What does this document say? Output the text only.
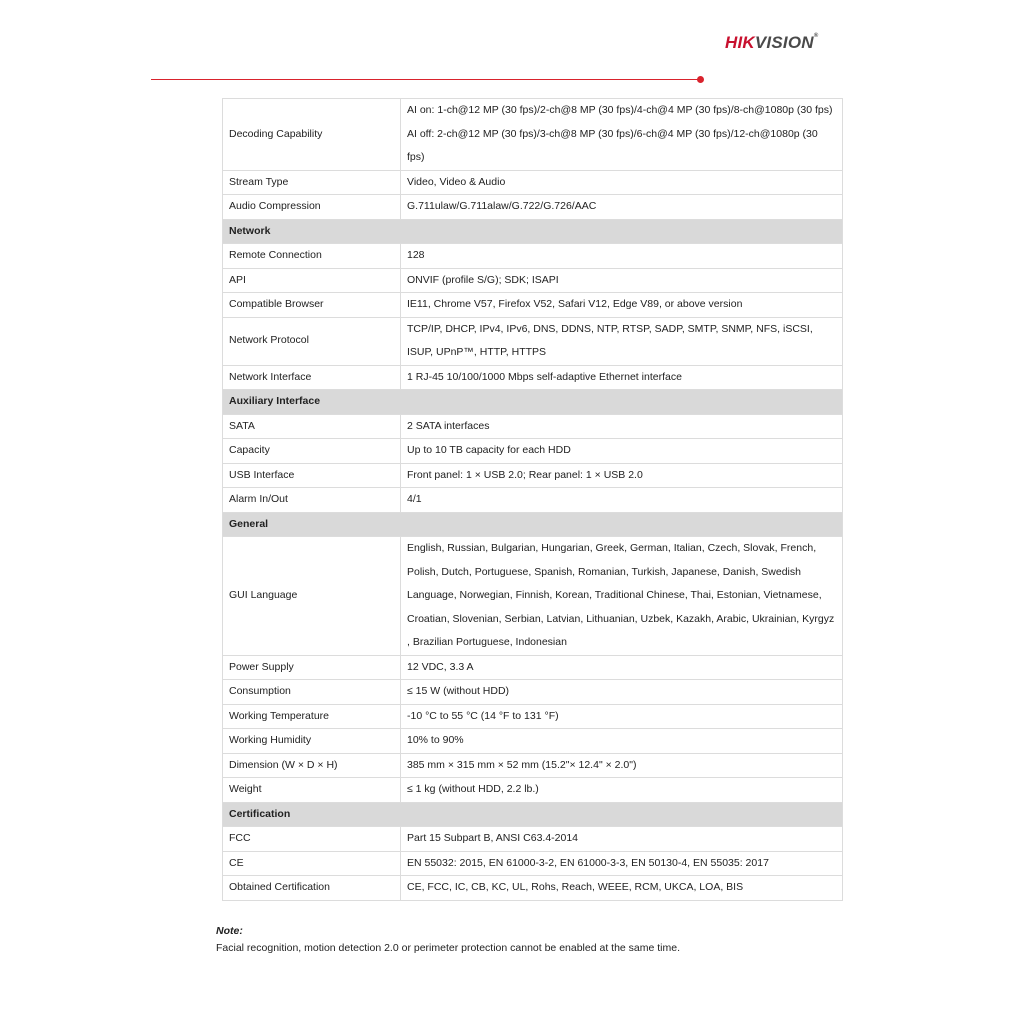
HIKVISION®
Decoding Capability	AI on: 1-ch@12 MP (30 fps)/2-ch@8 MP (30 fps)/4-ch@4 MP (30 fps)/8-ch@1080p (30 fps)
AI off: 2-ch@12 MP (30 fps)/3-ch@8 MP (30 fps)/6-ch@4 MP (30 fps)/12-ch@1080p (30 fps)

Stream Type	Video, Video & Audio

Audio Compression	G.711ulaw/G.711alaw/G.722/G.726/AAC

Network	
Remote Connection	128

API	ONVIF (profile S/G); SDK; ISAPI

Compatible Browser	IE11, Chrome V57, Firefox V52, Safari V12, Edge V89, or above version

Network Protocol	TCP/IP, DHCP, IPv4, IPv6, DNS, DDNS, NTP, RTSP, SADP, SMTP, SNMP, NFS, iSCSI, ISUP, UPnP™, HTTP, HTTPS

Network Interface	1 RJ-45 10/100/1000 Mbps self-adaptive Ethernet interface

Auxiliary Interface	
SATA	2 SATA interfaces

Capacity	Up to 10 TB capacity for each HDD

USB Interface	Front panel: 1 × USB 2.0; Rear panel: 1 × USB 2.0

Alarm In/Out	4/1

General	
GUI Language	English, Russian, Bulgarian, Hungarian, Greek, German, Italian, Czech, Slovak, French, Polish, Dutch, Portuguese, Spanish, Romanian, Turkish, Japanese, Danish, Swedish Language, Norwegian, Finnish, Korean, Traditional Chinese, Thai, Estonian, Vietnamese, Croatian, Slovenian, Serbian, Latvian, Lithuanian, Uzbek, Kazakh, Arabic, Ukrainian, Kyrgyz , Brazilian Portuguese, Indonesian

Power Supply	12 VDC, 3.3 A

Consumption	≤ 15 W (without HDD)

Working Temperature	-10 °C to 55 °C (14 °F to 131 °F)

Working Humidity	10% to 90%

Dimension (W × D × H)	385 mm × 315 mm × 52 mm (15.2"× 12.4" × 2.0")

Weight	≤ 1 kg (without HDD, 2.2 lb.)

Certification	
FCC	Part 15 Subpart B, ANSI C63.4-2014

CE	EN 55032: 2015, EN 61000-3-2, EN 61000-3-3, EN 50130-4, EN 55035: 2017

Obtained Certification	CE, FCC, IC, CB, KC, UL, Rohs, Reach, WEEE, RCM, UKCA, LOA, BIS
Note:
Facial recognition, motion detection 2.0 or perimeter protection cannot be enabled at the same time.
